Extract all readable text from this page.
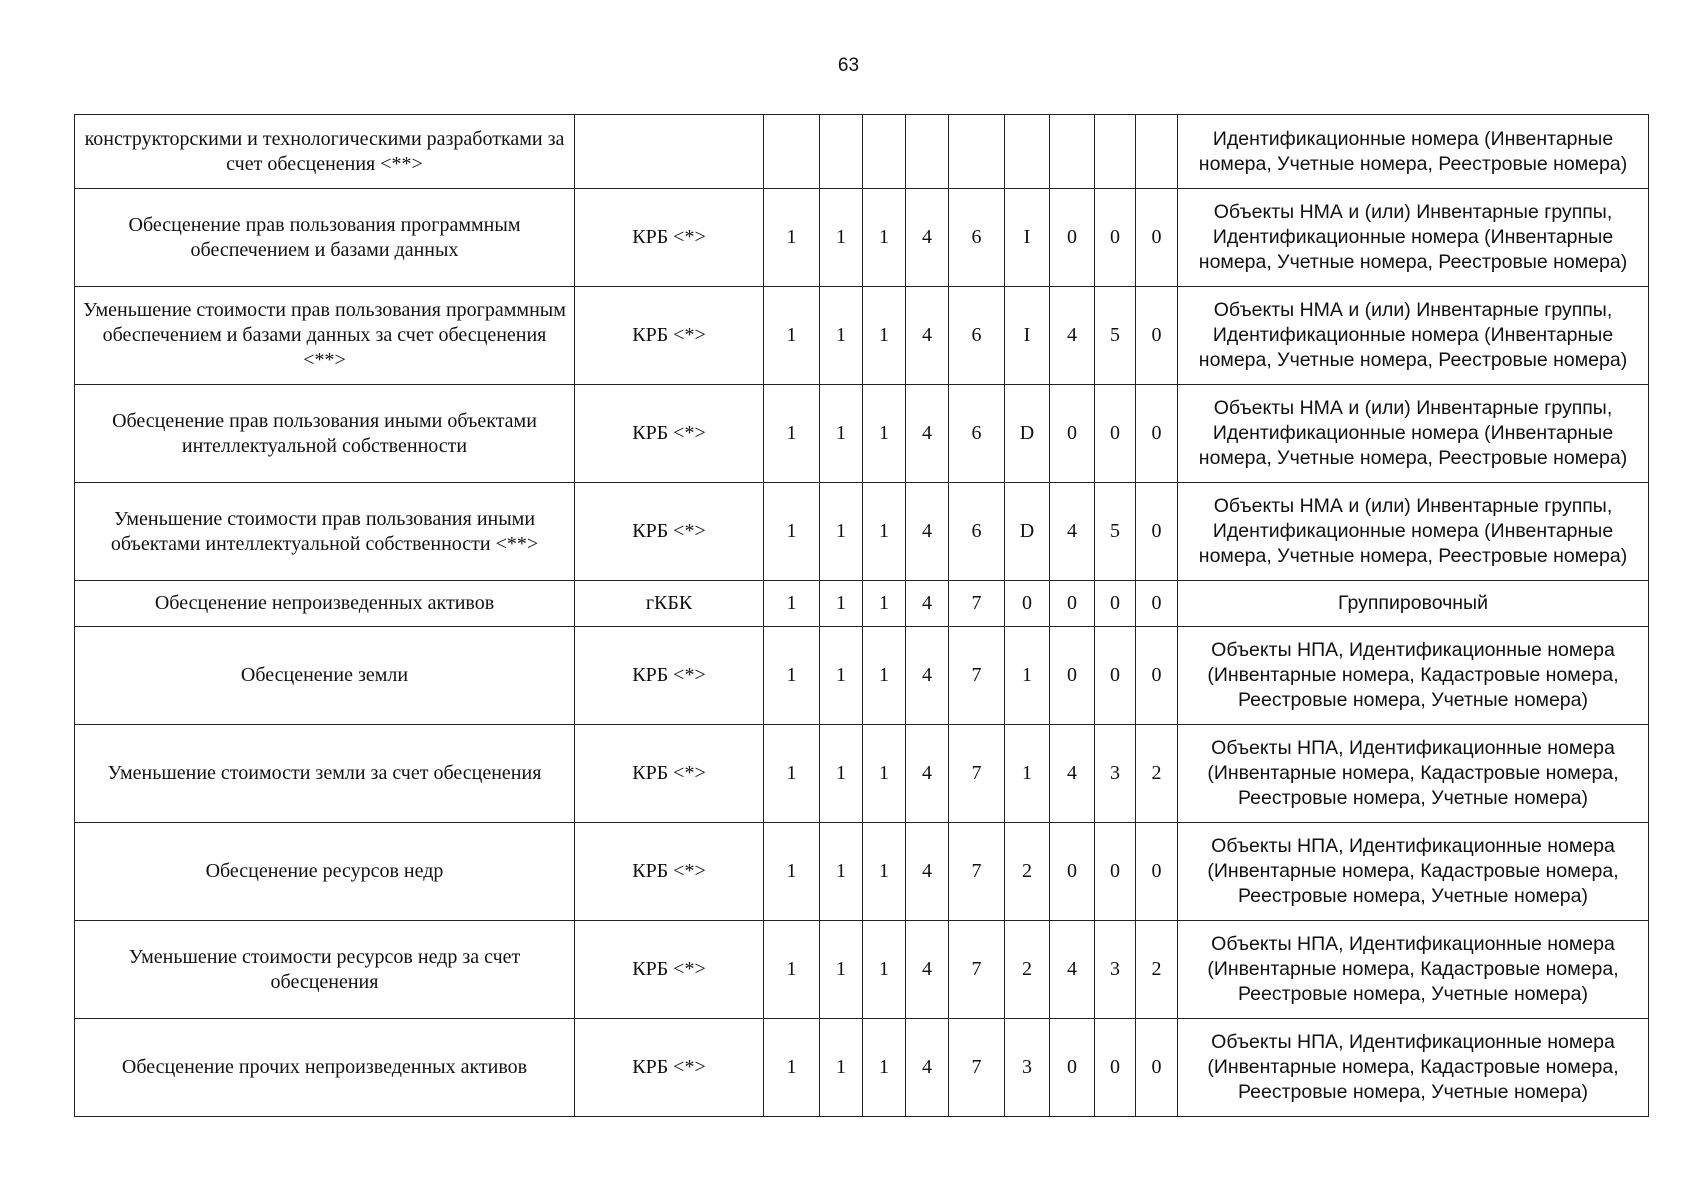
63
конструкторскими и технологическими разработками за счет обесценения <**>											Идентификационные номера (Инвентарные номера, Учетные номера, Реестровые номера)
Обесценение прав пользования программным обеспечением и базами данных	КРБ <*>	1	1	1	4	6	I	0	0	0	Объекты НМА и (или) Инвентарные группы, Идентификационные номера (Инвентарные номера, Учетные номера, Реестровые номера)
Уменьшение стоимости прав пользования программным обеспечением и базами данных за счет обесценения <**>	КРБ <*>	1	1	1	4	6	I	4	5	0	Объекты НМА и (или) Инвентарные группы, Идентификационные номера (Инвентарные номера, Учетные номера, Реестровые номера)
Обесценение прав пользования иными объектами интеллектуальной собственности	КРБ <*>	1	1	1	4	6	D	0	0	0	Объекты НМА и (или) Инвентарные группы, Идентификационные номера (Инвентарные номера, Учетные номера, Реестровые номера)
Уменьшение стоимости прав пользования иными объектами интеллектуальной собственности <**>	КРБ <*>	1	1	1	4	6	D	4	5	0	Объекты НМА и (или) Инвентарные группы, Идентификационные номера (Инвентарные номера, Учетные номера, Реестровые номера)
Обесценение непроизведенных активов	гКБК	1	1	1	4	7	0	0	0	0	Группировочный
Обесценение земли	КРБ <*>	1	1	1	4	7	1	0	0	0	Объекты НПА, Идентификационные номера (Инвентарные номера, Кадастровые номера, Реестровые номера, Учетные номера)
Уменьшение стоимости земли за счет обесценения	КРБ <*>	1	1	1	4	7	1	4	3	2	Объекты НПА, Идентификационные номера (Инвентарные номера, Кадастровые номера, Реестровые номера, Учетные номера)
Обесценение ресурсов недр	КРБ <*>	1	1	1	4	7	2	0	0	0	Объекты НПА, Идентификационные номера (Инвентарные номера, Кадастровые номера, Реестровые номера, Учетные номера)
Уменьшение стоимости ресурсов недр за счет обесценения	КРБ <*>	1	1	1	4	7	2	4	3	2	Объекты НПА, Идентификационные номера (Инвентарные номера, Кадастровые номера, Реестровые номера, Учетные номера)
Обесценение прочих непроизведенных активов	КРБ <*>	1	1	1	4	7	3	0	0	0	Объекты НПА, Идентификационные номера (Инвентарные номера, Кадастровые номера, Реестровые номера, Учетные номера)
